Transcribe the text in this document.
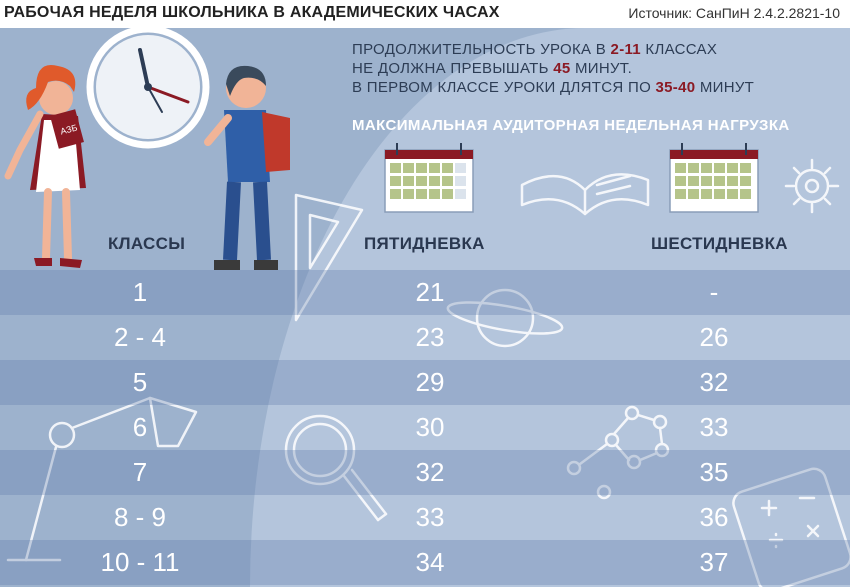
АЗБ
РАБОЧАЯ НЕДЕЛЯ ШКОЛЬНИКА В АКАДЕМИЧЕСКИХ ЧАСАХ	Источник: СанПиН 2.4.2.2821-10
ПРОДОЛЖИТЕЛЬНОСТЬ УРОКА В 2-11 КЛАССАХ
НЕ ДОЛЖНА ПРЕВЫШАТЬ 45 МИНУТ.
В ПЕРВОМ КЛАССЕ УРОКИ ДЛЯТСЯ ПО 35-40 МИНУТ
МАКСИМАЛЬНАЯ АУДИТОРНАЯ НЕДЕЛЬНАЯ НАГРУЗКА
КЛАССЫ	ПЯТИДНЕВКА	ШЕСТИДНЕВКА
1	21	-
2 - 4	23	26
5	29	32
6	30	33
7	32	35
8 - 9	33	36
10 - 11	34	37
